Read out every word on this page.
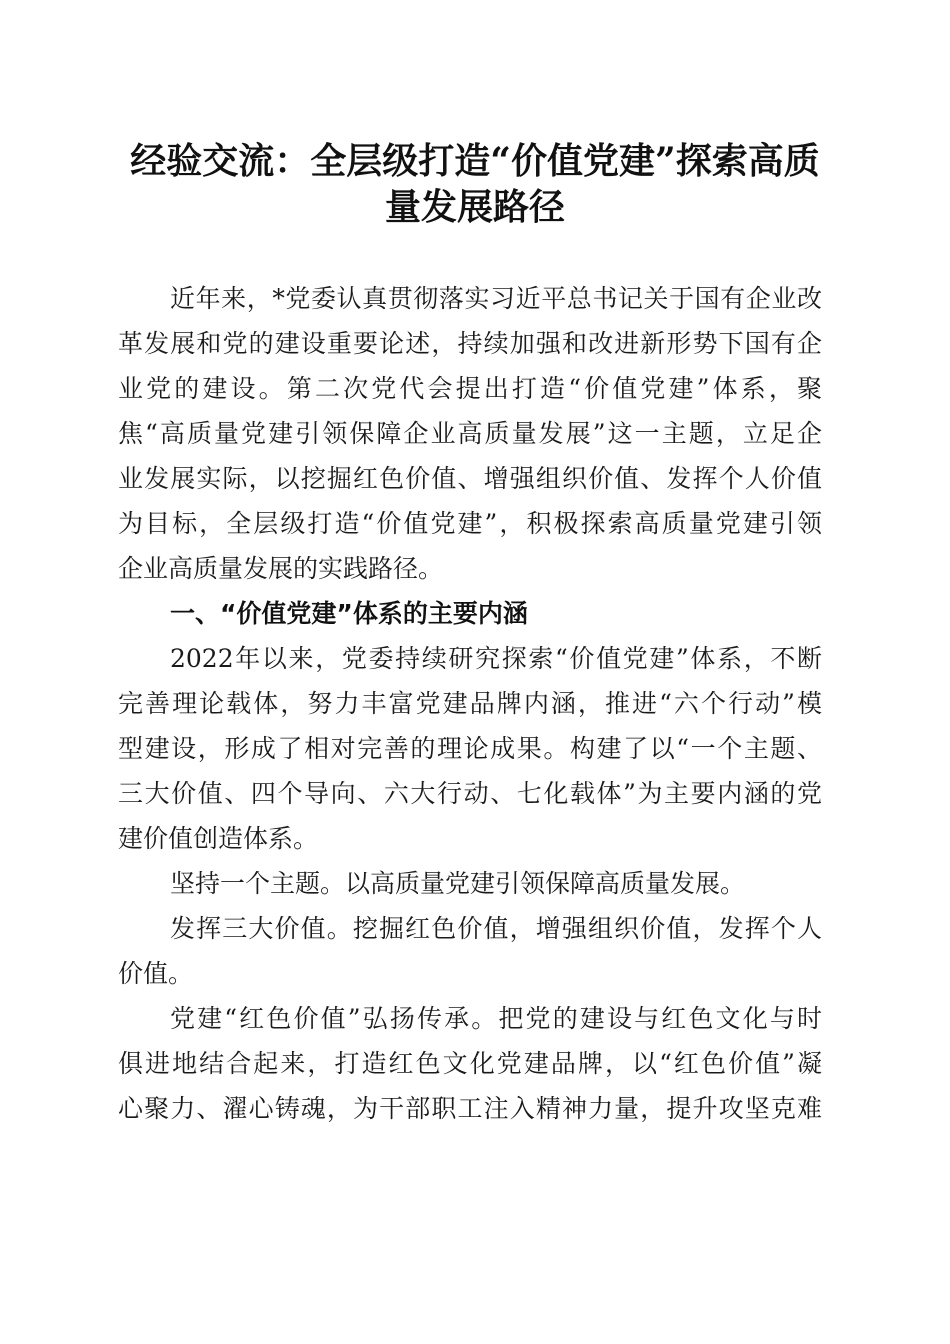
经验交流：全层级打造“价值党建”探索高质
量发展路径
近年来，*党委认真贯彻落实习近平总书记关于国有企业改
革发展和党的建设重要论述，持续加强和改进新形势下国有企
业党的建设。第二次党代会提出打造“价值党建”体系，聚
焦“高质量党建引领保障企业高质量发展”这一主题，立足企
业发展实际，以挖掘红色价值、增强组织价值、发挥个人价值
为目标，全层级打造“价值党建”，积极探索高质量党建引领
企业高质量发展的实践路径。
一、“价值党建”体系的主要内涵
2022年以来，党委持续研究探索“价值党建”体系，不断
完善理论载体，努力丰富党建品牌内涵，推进“六个行动”模
型建设，形成了相对完善的理论成果。构建了以“一个主题、
三大价值、四个导向、六大行动、七化载体”为主要内涵的党
建价值创造体系。
坚持一个主题。以高质量党建引领保障高质量发展。
发挥三大价值。挖掘红色价值，增强组织价值，发挥个人
价值。
党建“红色价值”弘扬传承。把党的建设与红色文化与时
俱进地结合起来，打造红色文化党建品牌，以“红色价值”凝
心聚力、濯心铸魂，为干部职工注入精神力量，提升攻坚克难
